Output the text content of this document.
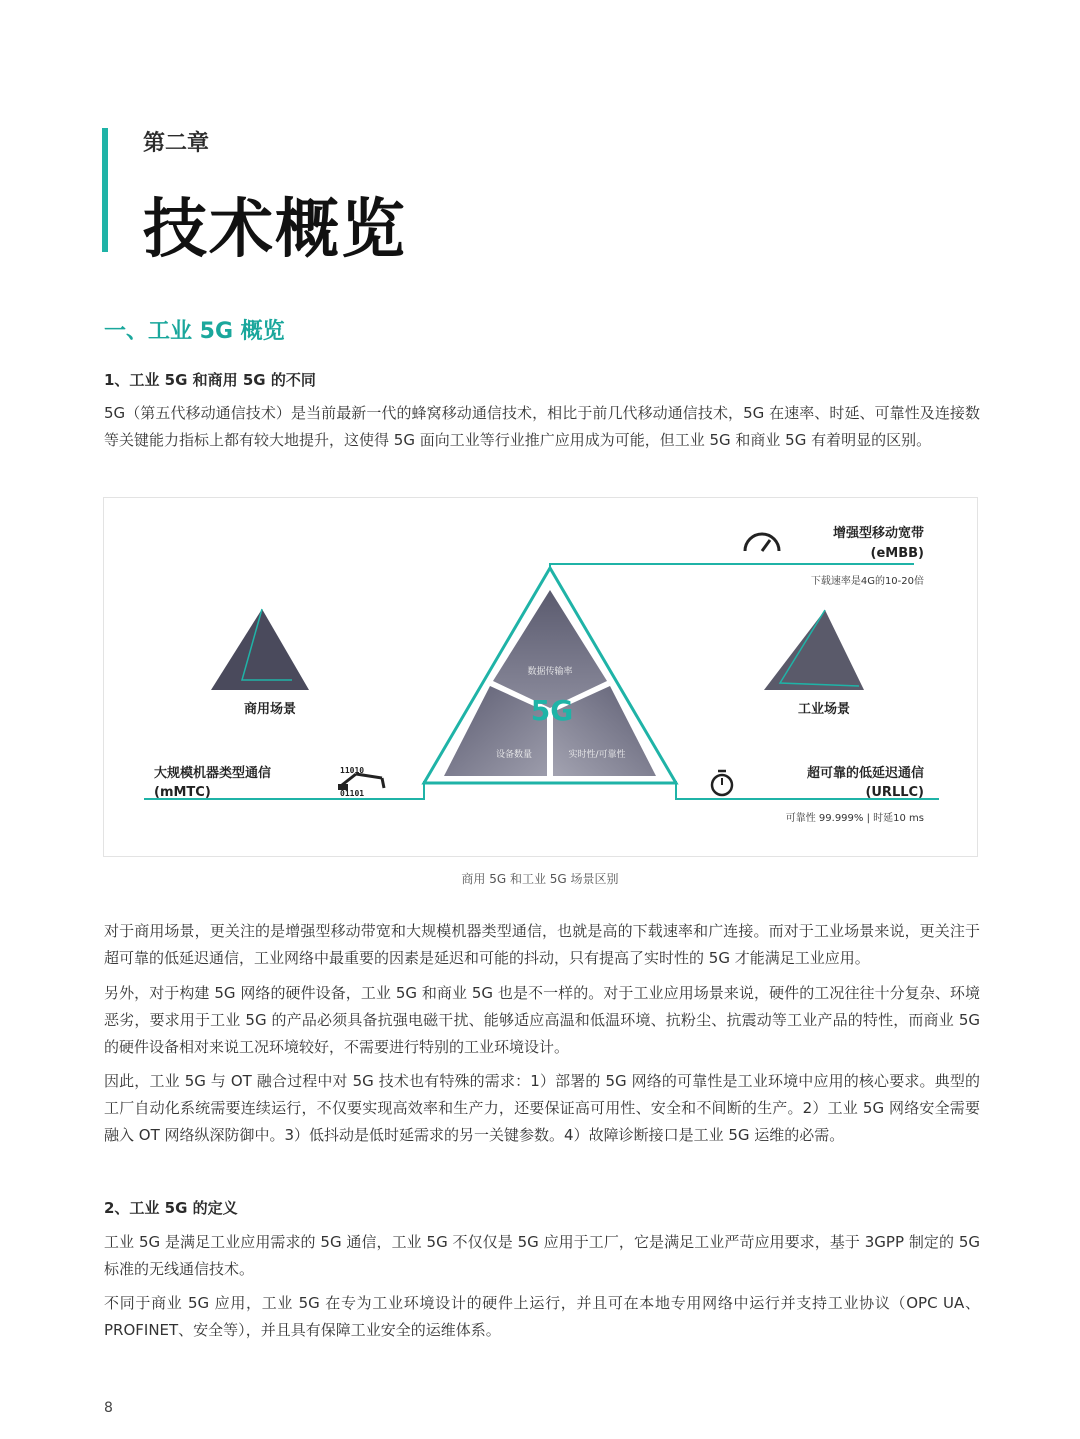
第二章
技术概览
一、工业 5G 概览
1、工业 5G 和商用 5G 的不同
5G（第五代移动通信技术）是当前最新一代的蜂窝移动通信技术，相比于前几代移动通信技术，5G 在速率、时延、可靠性及连接数等关键能力指标上都有较大地提升，这使得 5G 面向工业等行业推广应用成为可能，但工业 5G 和商业 5G 有着明显的区别。
增强型移动宽带
(eMBB)
下载速率是4G的10-20倍
商用场景	工业场景
数据传输率
5G
设备数量	实时性/可靠性
大规模机器类型通信
(mMTC)
11010
01101
超可靠的低延迟通信
(URLLC)
可靠性 99.999% | 时延10 ms
商用 5G 和工业 5G 场景区别
对于商用场景，更关注的是增强型移动带宽和大规模机器类型通信，也就是高的下载速率和广连接。而对于工业场景来说，更关注于超可靠的低延迟通信，工业网络中最重要的因素是延迟和可能的抖动，只有提高了实时性的 5G 才能满足工业应用。
另外，对于构建 5G 网络的硬件设备，工业 5G 和商业 5G 也是不一样的。对于工业应用场景来说，硬件的工况往往十分复杂、环境恶劣，要求用于工业 5G 的产品必须具备抗强电磁干扰、能够适应高温和低温环境、抗粉尘、抗震动等工业产品的特性，而商业 5G 的硬件设备相对来说工况环境较好，不需要进行特别的工业环境设计。
因此，工业 5G 与 OT 融合过程中对 5G 技术也有特殊的需求：1）部署的 5G 网络的可靠性是工业环境中应用的核心要求。典型的工厂自动化系统需要连续运行，不仅要实现高效率和生产力，还要保证高可用性、安全和不间断的生产。2）工业 5G 网络安全需要融入 OT 网络纵深防御中。3）低抖动是低时延需求的另一关键参数。4）故障诊断接口是工业 5G 运维的必需。
2、工业 5G 的定义
工业 5G 是满足工业应用需求的 5G 通信，工业 5G 不仅仅是 5G 应用于工厂，它是满足工业严苛应用要求，基于 3GPP 制定的 5G 标准的无线通信技术。
不同于商业 5G 应用，工业 5G 在专为工业环境设计的硬件上运行，并且可在本地专用网络中运行并支持工业协议（OPC UA、PROFINET、安全等），并且具有保障工业安全的运维体系。
8
